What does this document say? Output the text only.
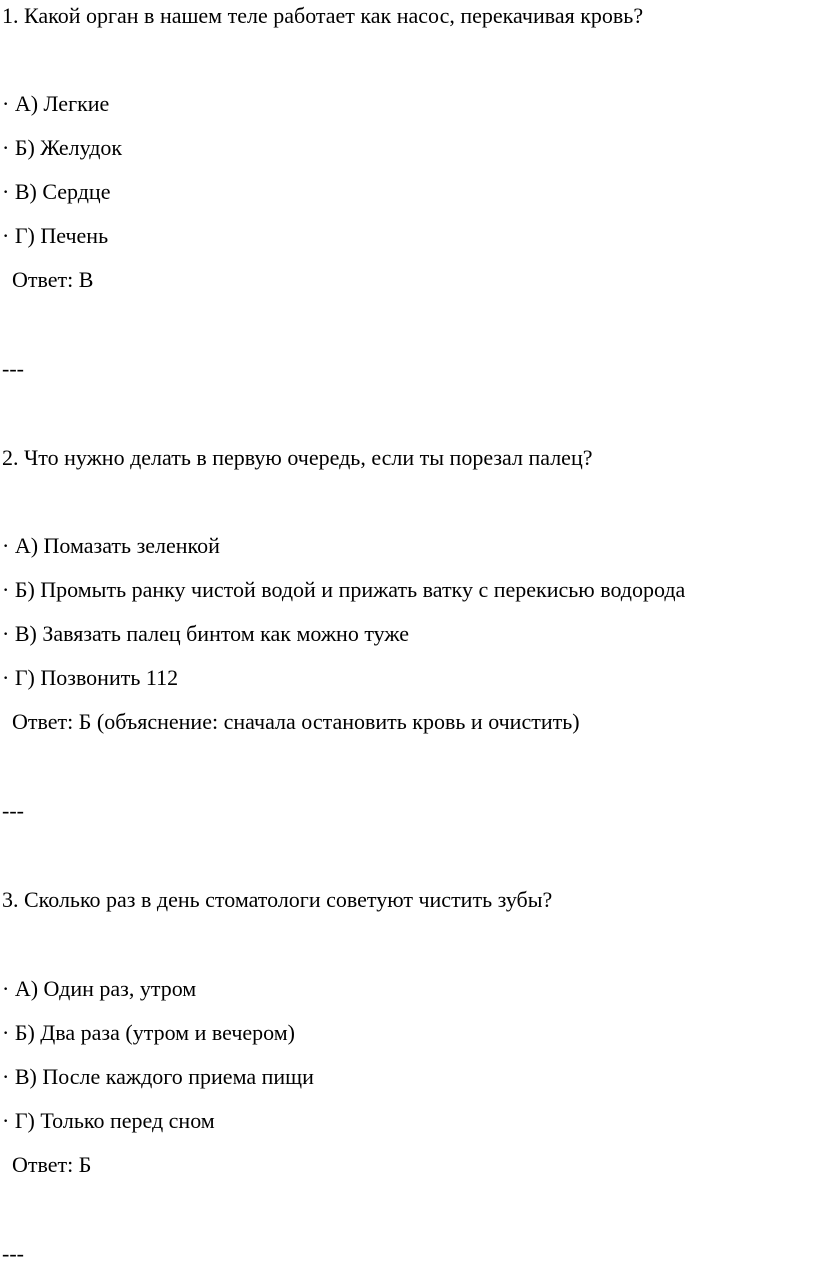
1. Какой орган в нашем теле работает как насос, перекачивая кровь?
· А) Легкие
· Б) Желудок
· В) Сердце
· Г) Печень
Ответ: В
---
2. Что нужно делать в первую очередь, если ты порезал палец?
· А) Помазать зеленкой
· Б) Промыть ранку чистой водой и прижать ватку с перекисью водорода
· В) Завязать палец бинтом как можно туже
· Г) Позвонить 112
Ответ: Б (объяснение: сначала остановить кровь и очистить)
---
3. Сколько раз в день стоматологи советуют чистить зубы?
· А) Один раз, утром
· Б) Два раза (утром и вечером)
· В) После каждого приема пищи
· Г) Только перед сном
Ответ: Б
---
